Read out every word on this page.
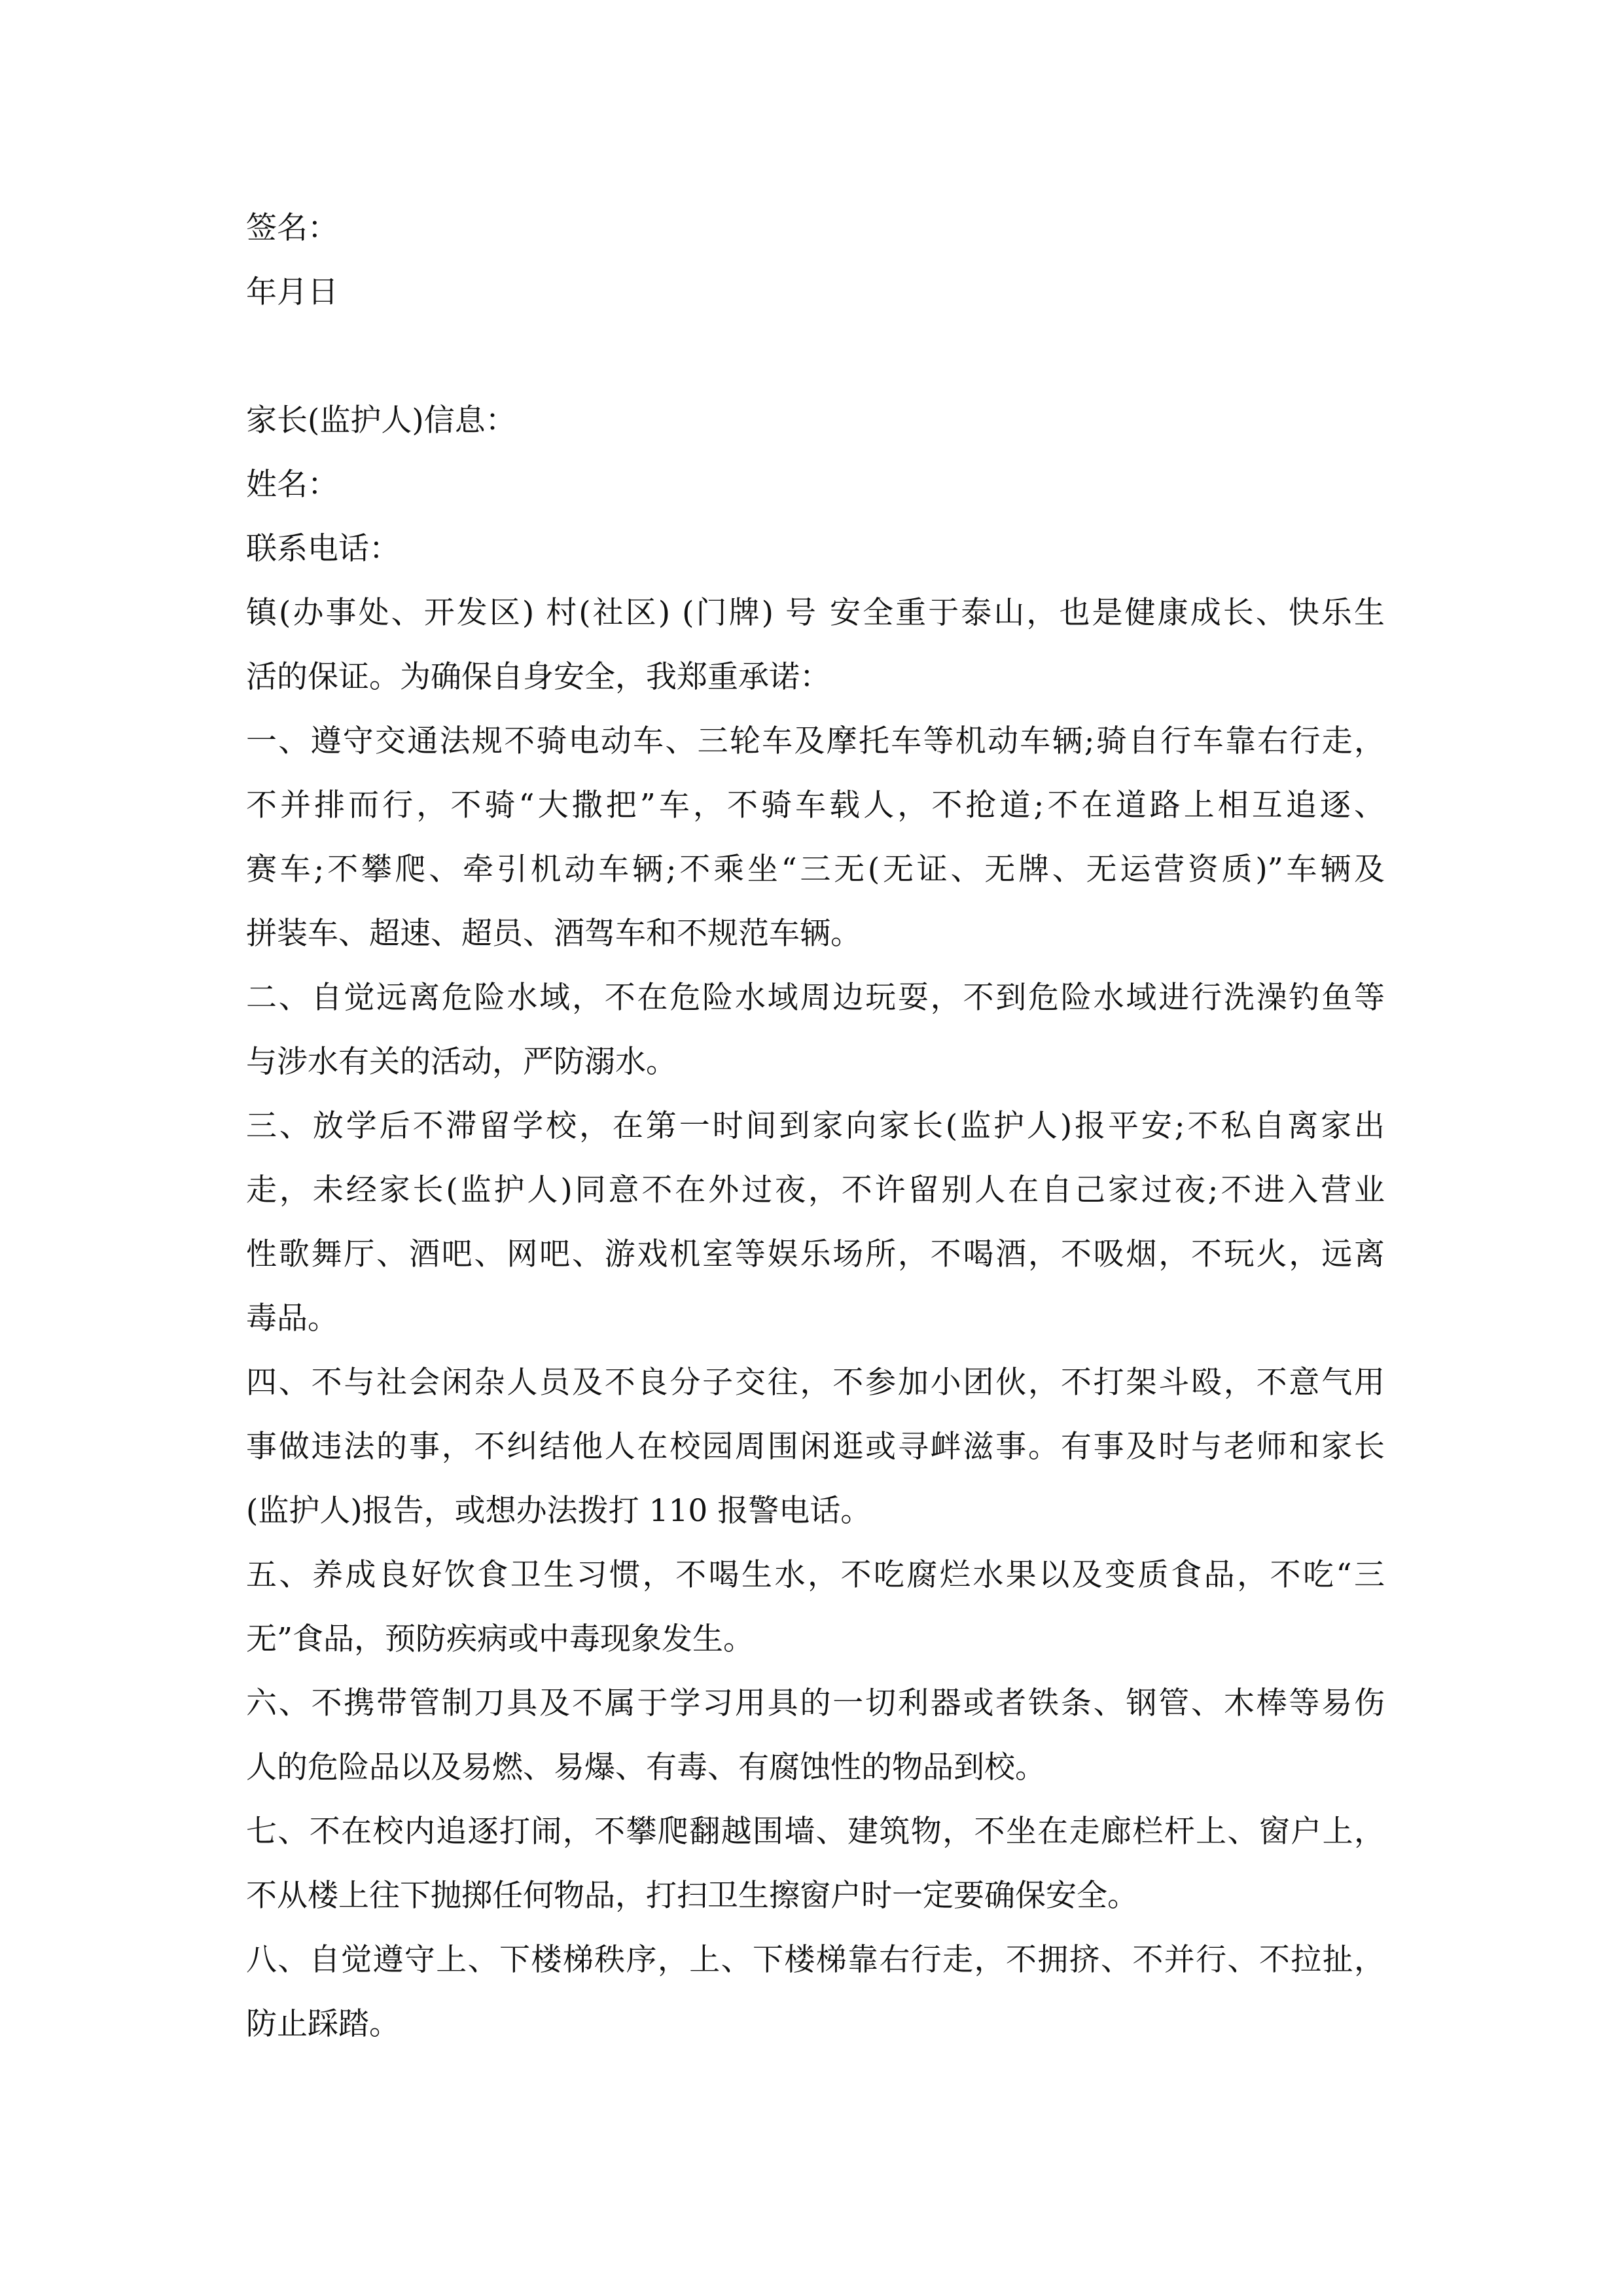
签名：
年月日
家长(监护人)信息：
姓名：
联系电话：
镇(办事处、开发区) 村(社区) (门牌) 号 安全重于泰山，也是健康成长、快乐生
活的保证。为确保自身安全，我郑重承诺：
一、遵守交通法规不骑电动车、三轮车及摩托车等机动车辆;骑自行车靠右行走，
不并排而行，不骑“大撒把”车，不骑车载人，不抢道;不在道路上相互追逐、
赛车;不攀爬、牵引机动车辆;不乘坐“三无(无证、无牌、无运营资质)”车辆及
拼装车、超速、超员、酒驾车和不规范车辆。
二、自觉远离危险水域，不在危险水域周边玩耍，不到危险水域进行洗澡钓鱼等
与涉水有关的活动，严防溺水。
三、放学后不滞留学校，在第一时间到家向家长(监护人)报平安;不私自离家出
走，未经家长(监护人)同意不在外过夜，不许留别人在自己家过夜;不进入营业
性歌舞厅、酒吧、网吧、游戏机室等娱乐场所，不喝酒，不吸烟，不玩火，远离
毒品。
四、不与社会闲杂人员及不良分子交往，不参加小团伙，不打架斗殴，不意气用
事做违法的事，不纠结他人在校园周围闲逛或寻衅滋事。有事及时与老师和家长
(监护人)报告，或想办法拨打 110 报警电话。
五、养成良好饮食卫生习惯，不喝生水，不吃腐烂水果以及变质食品，不吃“三
无”食品，预防疾病或中毒现象发生。
六、不携带管制刀具及不属于学习用具的一切利器或者铁条、钢管、木棒等易伤
人的危险品以及易燃、易爆、有毒、有腐蚀性的物品到校。
七、不在校内追逐打闹，不攀爬翻越围墙、建筑物，不坐在走廊栏杆上、窗户上，
不从楼上往下抛掷任何物品，打扫卫生擦窗户时一定要确保安全。
八、自觉遵守上、下楼梯秩序，上、下楼梯靠右行走，不拥挤、不并行、不拉扯，
防止踩踏。
